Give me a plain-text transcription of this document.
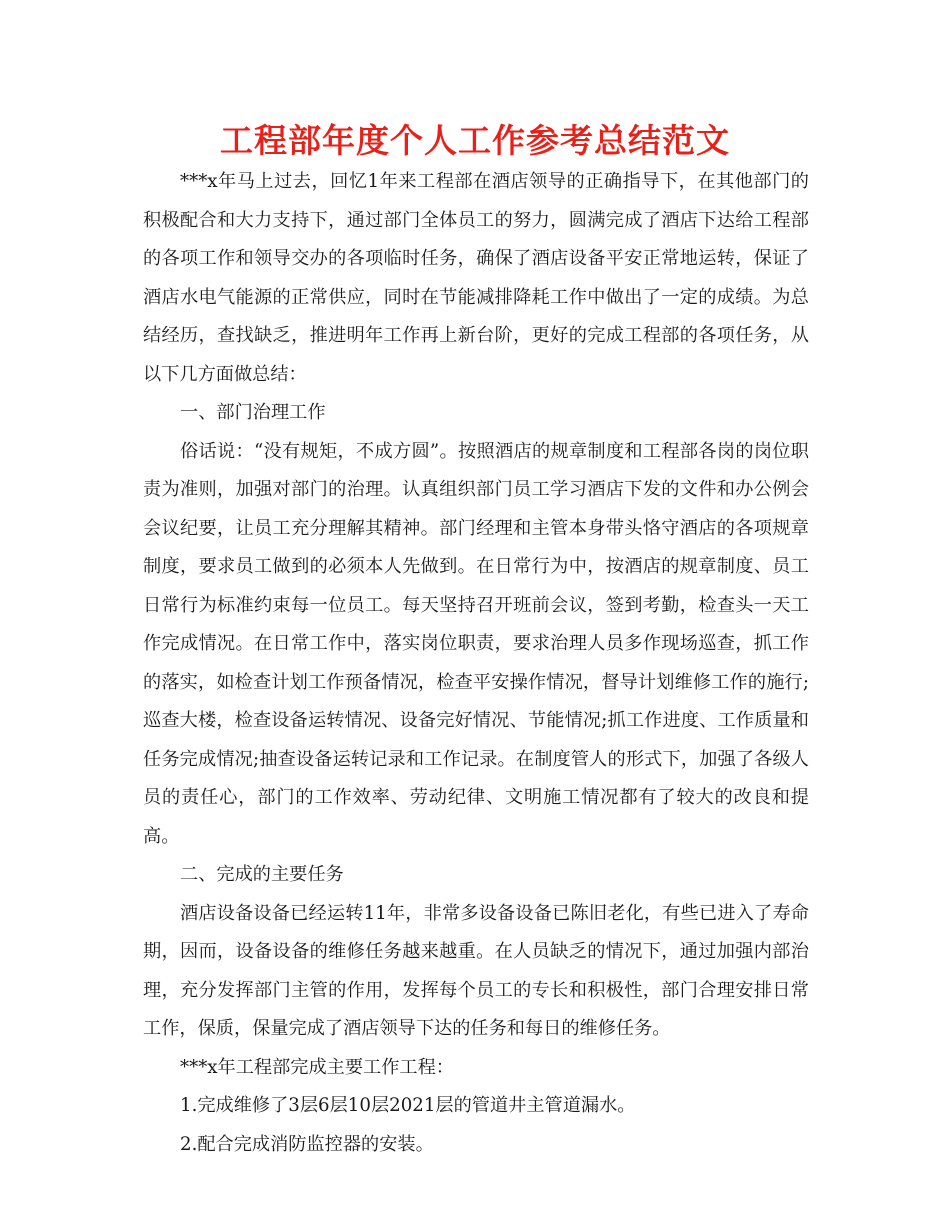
工程部年度个人工作参考总结范文

***x年马上过去，回忆1年来工程部在酒店领导的正确指导下，在其他部门的积极配合和大力支持下，通过部门全体员工的努力，圆满完成了酒店下达给工程部的各项工作和领导交办的各项临时任务，确保了酒店设备平安正常地运转，保证了酒店水电气能源的正常供应，同时在节能减排降耗工作中做出了一定的成绩。为总结经历，查找缺乏，推进明年工作再上新台阶，更好的完成工程部的各项任务，从以下几方面做总结：

一、部门治理工作

俗话说：“没有规矩，不成方圆”。按照酒店的规章制度和工程部各岗的岗位职责为准则，加强对部门的治理。认真组织部门员工学习酒店下发的文件和办公例会会议纪要，让员工充分理解其精神。部门经理和主管本身带头恪守酒店的各项规章制度，要求员工做到的必须本人先做到。在日常行为中，按酒店的规章制度、员工日常行为标准约束每一位员工。每天坚持召开班前会议，签到考勤，检查头一天工作完成情况。在日常工作中，落实岗位职责，要求治理人员多作现场巡查，抓工作的落实，如检查计划工作预备情况，检查平安操作情况，督导计划维修工作的施行;巡查大楼，检查设备运转情况、设备完好情况、节能情况;抓工作进度、工作质量和任务完成情况;抽查设备运转记录和工作记录。在制度管人的形式下，加强了各级人员的责任心，部门的工作效率、劳动纪律、文明施工情况都有了较大的改良和提高。

二、完成的主要任务

酒店设备设备已经运转11年，非常多设备设备已陈旧老化，有些已进入了寿命期，因而，设备设备的维修任务越来越重。在人员缺乏的情况下，通过加强内部治理，充分发挥部门主管的作用，发挥每个员工的专长和积极性，部门合理安排日常工作，保质，保量完成了酒店领导下达的任务和每日的维修任务。

***x年工程部完成主要工作工程：

1.完成维修了3层6层10层2021层的管道井主管道漏水。

2.配合完成消防监控器的安装。
